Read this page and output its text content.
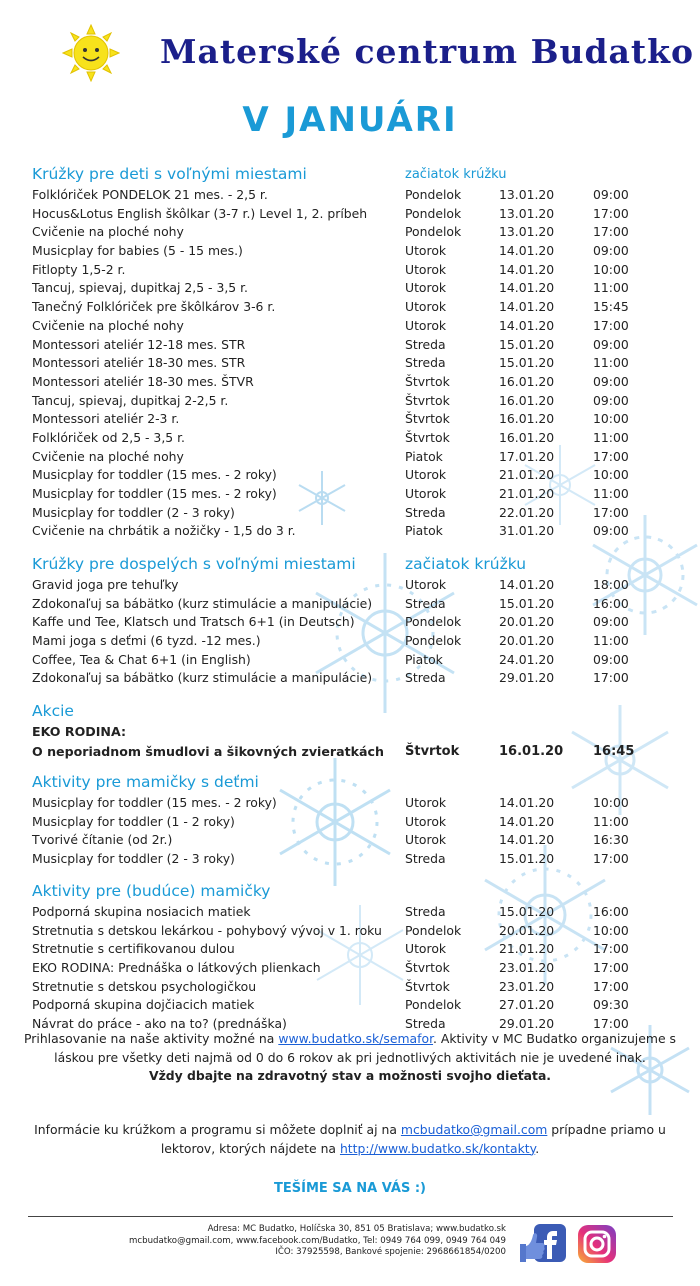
Materské centrum Budatko
V JANUÁRI
Krúžky pre deti s voľnými miestami	začiatok krúžku
Folklóriček PONDELOK 21 mes. - 2,5 r.	Pondelok	13.01.20	09:00
Hocus&Lotus English škôlkar (3-7 r.) Level 1, 2. príbeh	Pondelok	13.01.20	17:00
Cvičenie na ploché nohy	Pondelok	13.01.20	17:00
Musicplay for babies (5 - 15 mes.)	Utorok	14.01.20	09:00
Fitlopty 1,5-2 r.	Utorok	14.01.20	10:00
Tancuj, spievaj, dupitkaj 2,5 - 3,5 r.	Utorok	14.01.20	11:00
Tanečný Folklóriček pre škôlkárov 3-6 r.	Utorok	14.01.20	15:45
Cvičenie na ploché nohy	Utorok	14.01.20	17:00
Montessori ateliér 12-18 mes. STR	Streda	15.01.20	09:00
Montessori ateliér 18-30 mes. STR	Streda	15.01.20	11:00
Montessori ateliér 18-30 mes. ŠTVR	Štvrtok	16.01.20	09:00
Tancuj, spievaj, dupitkaj 2-2,5 r.	Štvrtok	16.01.20	09:00
Montessori ateliér 2-3 r.	Štvrtok	16.01.20	10:00
Folklóriček od 2,5 - 3,5 r.	Štvrtok	16.01.20	11:00
Cvičenie na ploché nohy	Piatok	17.01.20	17:00
Musicplay for toddler (15 mes. - 2 roky)	Utorok	21.01.20	10:00
Musicplay for toddler (15 mes. - 2 roky)	Utorok	21.01.20	11:00
Musicplay for toddler (2 - 3 roky)	Streda	22.01.20	17:00
Cvičenie na chrbátik a nožičky - 1,5 do 3 r.	Piatok	31.01.20	09:00
Krúžky pre dospelých s voľnými miestami	začiatok krúžku
Gravid joga pre tehuľky	Utorok	14.01.20	18:00
Zdokonaľuj sa bábätko (kurz stimulácie a manipulácie)	Streda	15.01.20	16:00
Kaffe und Tee, Klatsch und Tratsch 6+1 (in Deutsch)	Pondelok	20.01.20	09:00
Mami joga s deťmi (6 tyzd. -12 mes.)	Pondelok	20.01.20	11:00
Coffee, Tea & Chat 6+1 (in English)	Piatok	24.01.20	09:00
Zdokonaľuj sa bábätko (kurz stimulácie a manipulácie)	Streda	29.01.20	17:00
Akcie
EKO RODINA:
O neporiadnom šmudlovi a šikovných zvieratkách Štvrtok	16.01.20 16:45
Aktivity pre mamičky s deťmi
Musicplay for toddler (15 mes. - 2 roky)	Utorok	14.01.20	10:00
Musicplay for toddler (1 - 2 roky)	Utorok	14.01.20	11:00
Tvorivé čítanie (od 2r.)	Utorok	14.01.20	16:30
Musicplay for toddler (2 - 3 roky)	Streda	15.01.20	17:00
Aktivity pre (budúce) mamičky
Podporná skupina nosiacich matiek	Streda	15.01.20	16:00
Stretnutia s detskou lekárkou - pohybový vývoj v 1. roku Pondelok	20.01.20	10:00
Stretnutie s certifikovanou dulou	Utorok	21.01.20	17:00
EKO RODINA: Prednáška o látkových plienkach	Štvrtok	23.01.20	17:00
Stretnutie s detskou psychologičkou	Štvrtok	23.01.20	17:00
Podporná skupina dojčiacich matiek	Pondelok	27.01.20	09:30
Návrat do práce - ako na to? (prednáška)	Streda	29.01.20	17:00
Prihlasovanie na naše aktivity možné na www.budatko.sk/semafor. Aktivity v MC Budatko organizujeme s láskou pre všetky deti najmä od 0 do 6 rokov ak pri jednotlivých aktivitách nie je uvedené inak.
Vždy dbajte na zdravotný stav a možnosti svojho dieťata.
Informácie ku krúžkom a programu si môžete doplniť aj na mcbudatko@gmail.com prípadne priamo u lektorov, ktorých nájdete na http://www.budatko.sk/kontakty.
TEŠÍME SA NA VÁS :)
Adresa: MC Budatko, Holíčska 30, 851 05 Bratislava; www.budatko.sk
mcbudatko@gmail.com, www.facebook.com/Budatko, Tel: 0949 764 099, 0949 764 049
IČO: 37925598, Bankové spojenie: 2968661854/0200
